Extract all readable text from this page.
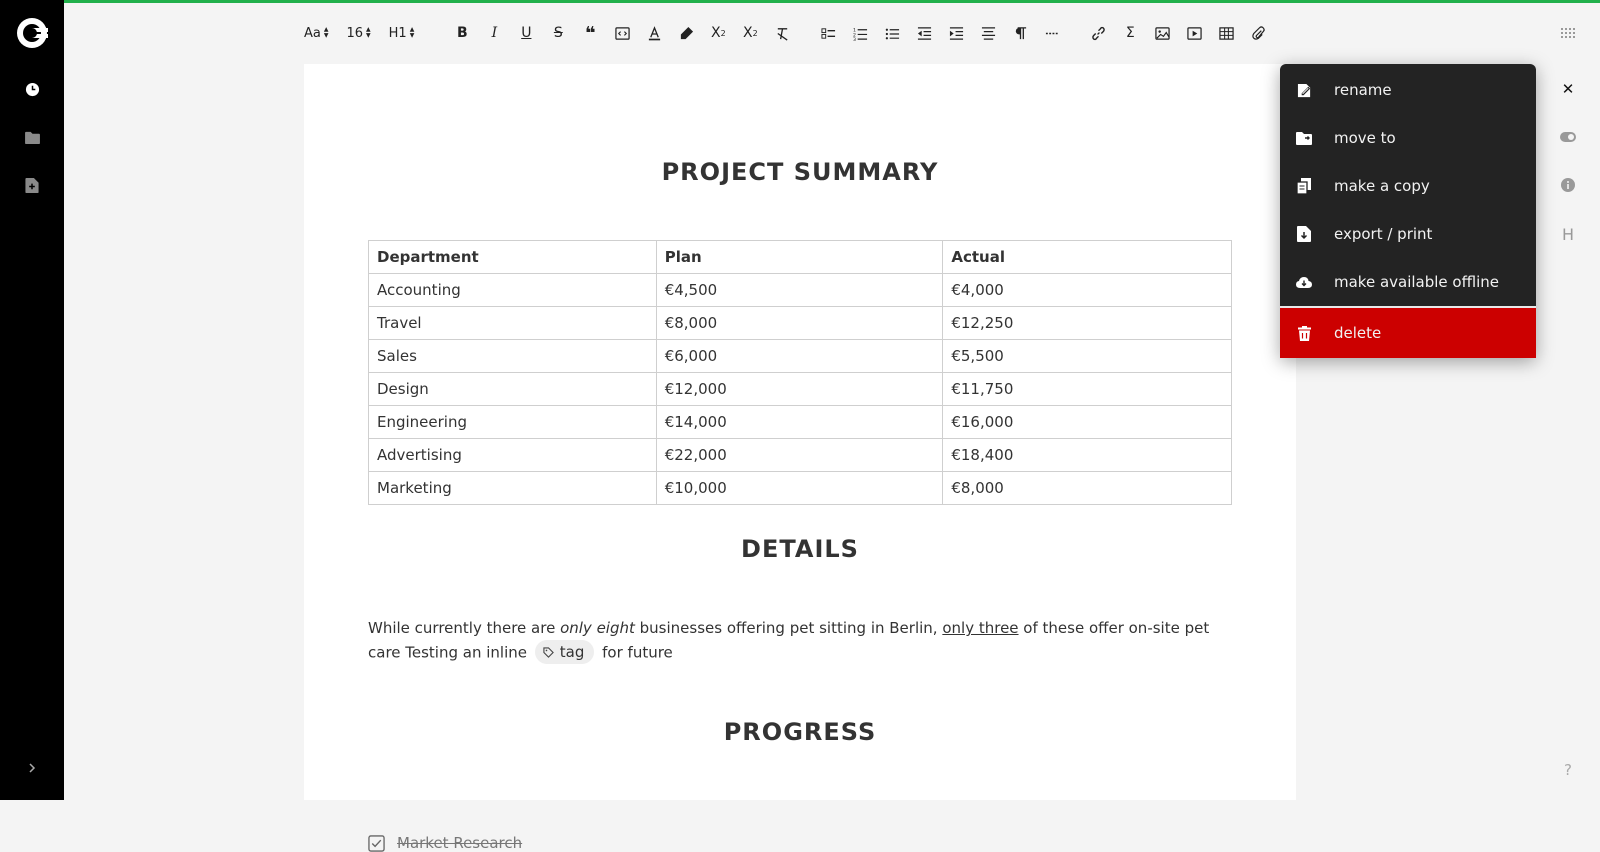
Aa ▲
▼ 16 ▲
▼ H1 ▲
▼	B	I	U	S	❝	X 2	X 2	1
2
3	Σ
PROJECT SUMMARY
Department	Plan	Actual
Accounting	€4,500	€4,000
Travel	€8,000	€12,250
Sales	€6,000	€5,500
Design	€12,000	€11,750
Engineering	€14,000	€16,000
Advertising	€22,000	€18,400
Marketing	€10,000	€8,000
DETAILS
While currently there are only eight businesses offering pet sitting in Berlin, only three of these offer on-site pet care Testing an inline tag for future
PROGRESS
Market Research
✕
H
?
rename
move to
make a copy
export / print
make available offline
delete
